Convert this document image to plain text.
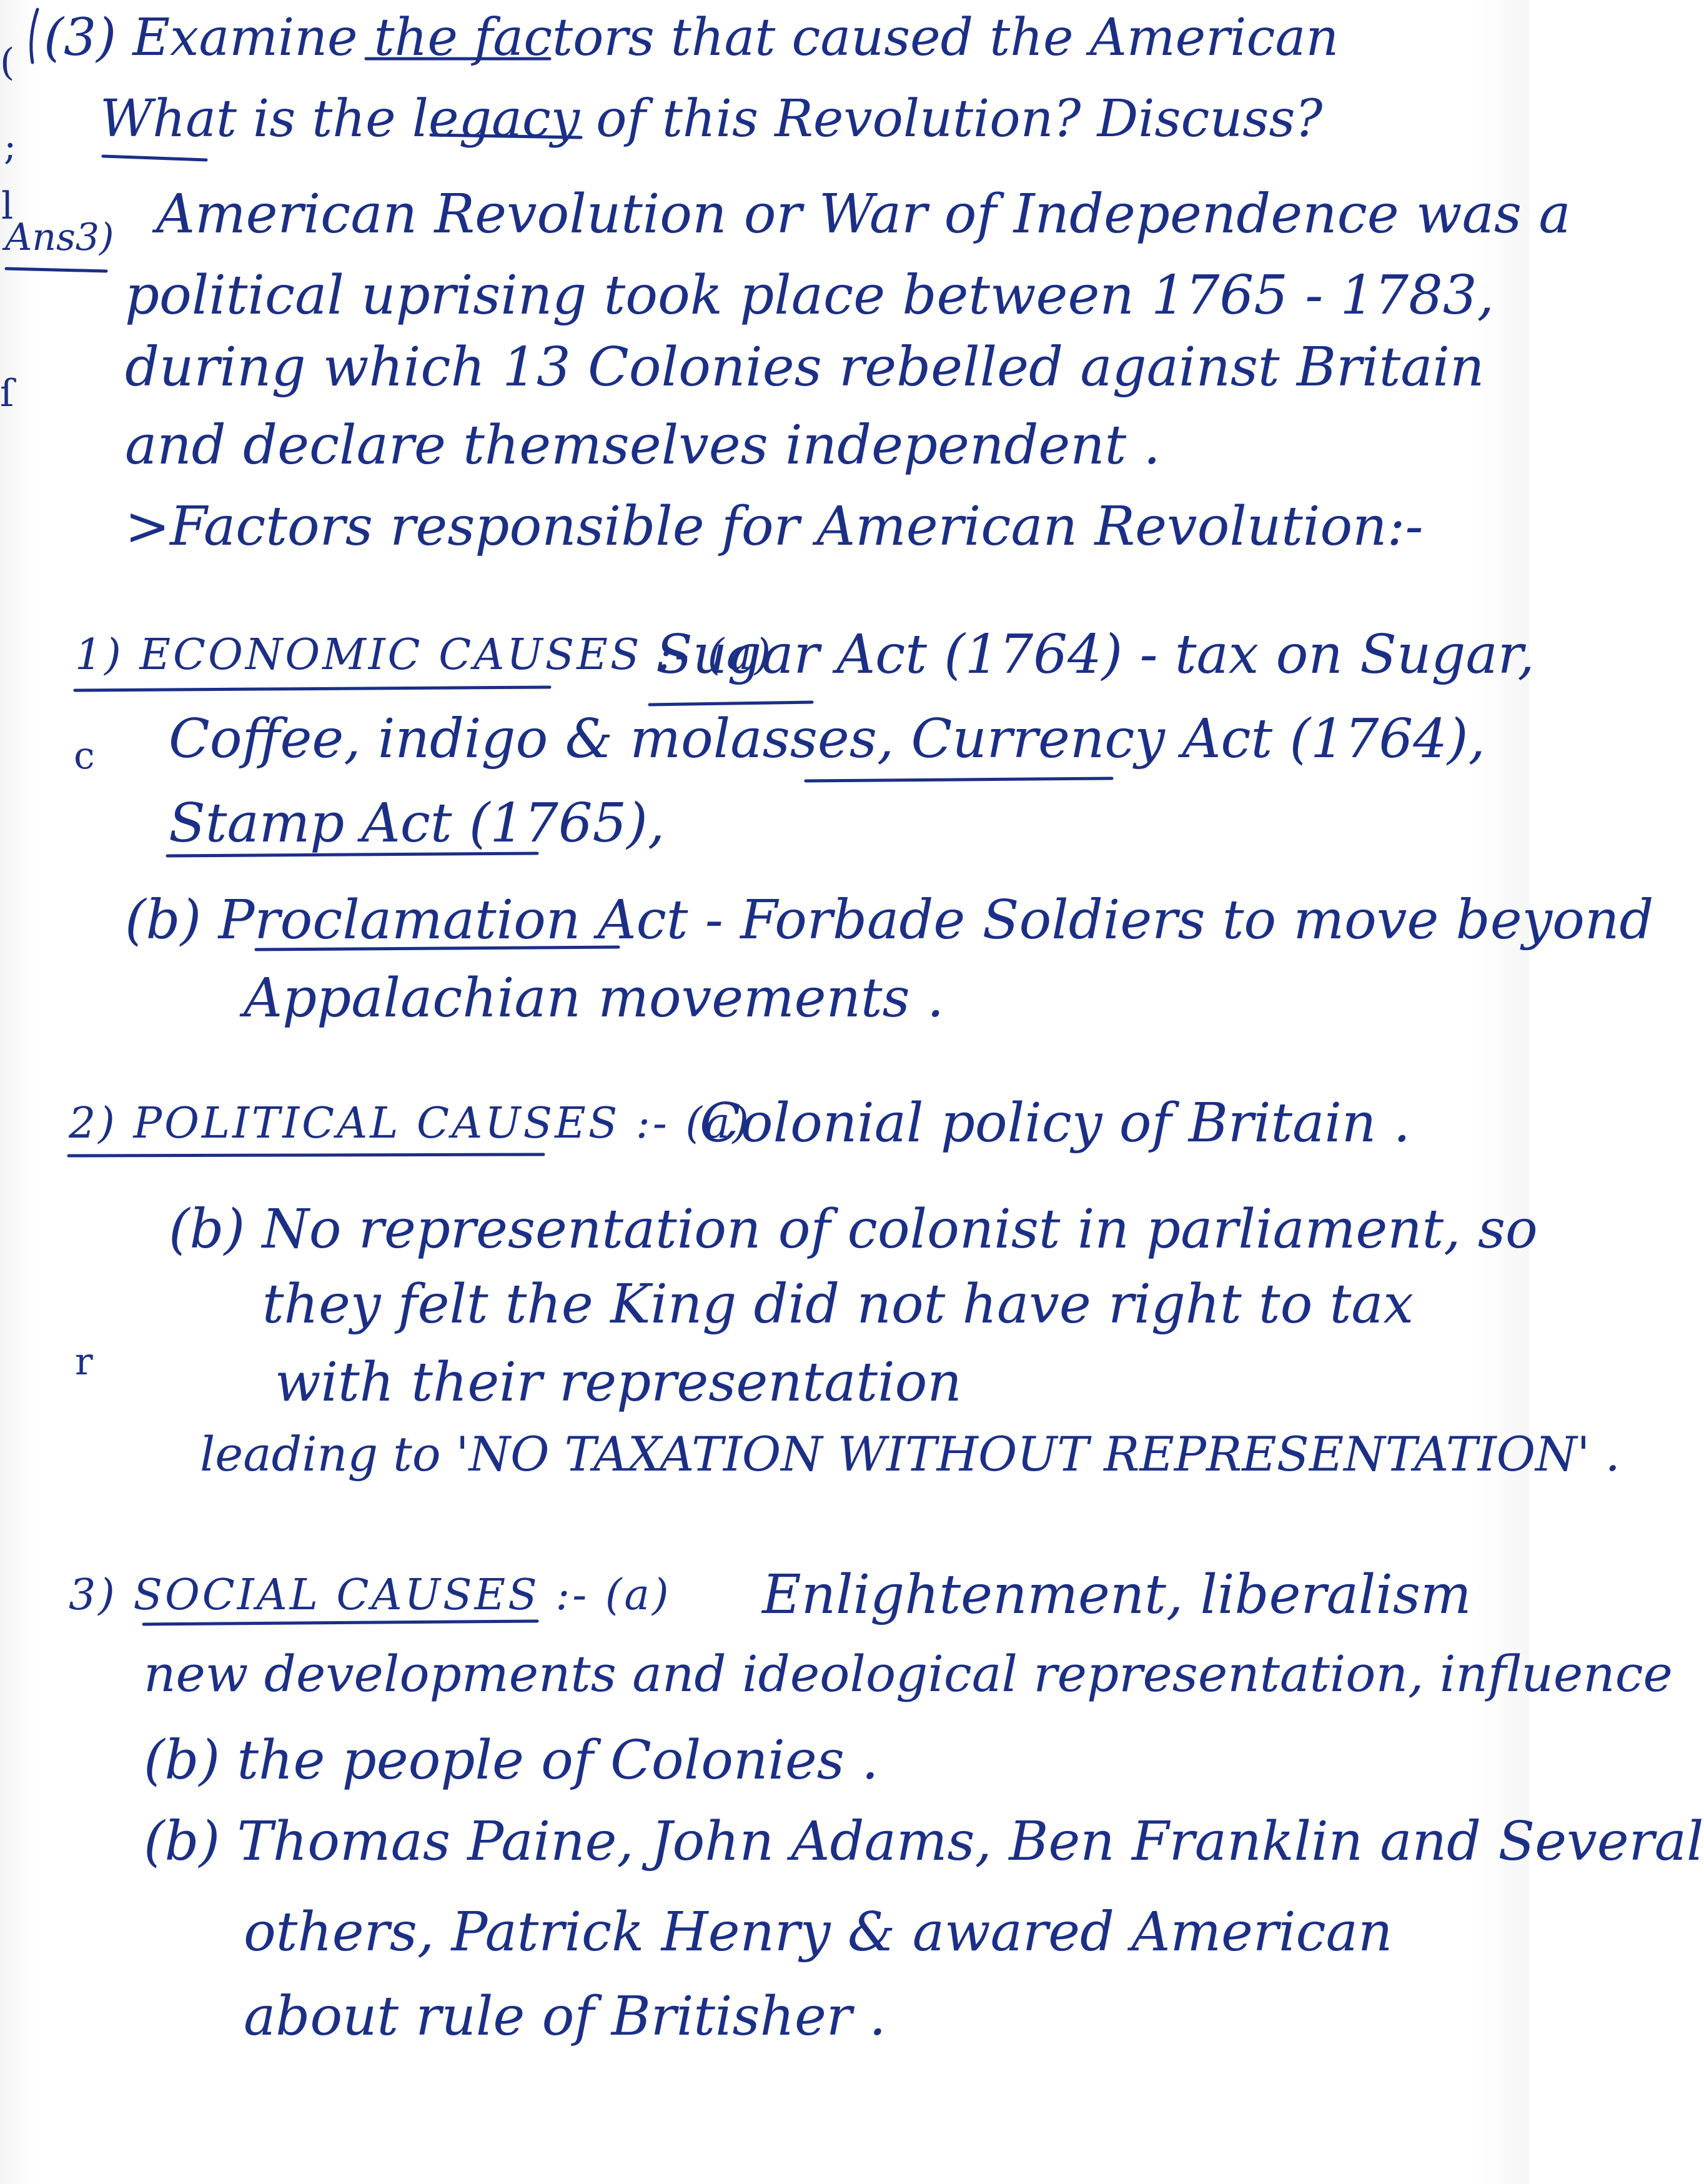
(
;
l
ſ
c
r
(3) Examine the factors that caused the American
What is the legacy of this Revolution? Discuss?
Ans3) American Revolution or War of Independence was a
political uprising took place between 1765 - 1783,
during which 13 Colonies rebelled against Britain
and declare themselves independent .
>Factors responsible for American Revolution:-
1) ECONOMIC CAUSES :- (a)
Sugar Act (1764) - tax on Sugar,
Coffee, indigo & molasses, Currency Act (1764),
Stamp Act (1765),
(b) Proclamation Act - Forbade Soldiers to move beyond
Appalachian movements .
2) POLITICAL CAUSES :- (a)
Colonial policy of Britain .
(b) No representation of colonist in parliament, so
they felt the King did not have right to tax
with their representation
leading to 'NO TAXATION WITHOUT REPRESENTATION' .
3) SOCIAL CAUSES :- (a) Enlightenment, liberalism
new developments and ideological representation, influence
(b) the people of Colonies .
(b) Thomas Paine, John Adams, Ben Franklin and Several
others, Patrick Henry & awared American
about rule of Britisher .
